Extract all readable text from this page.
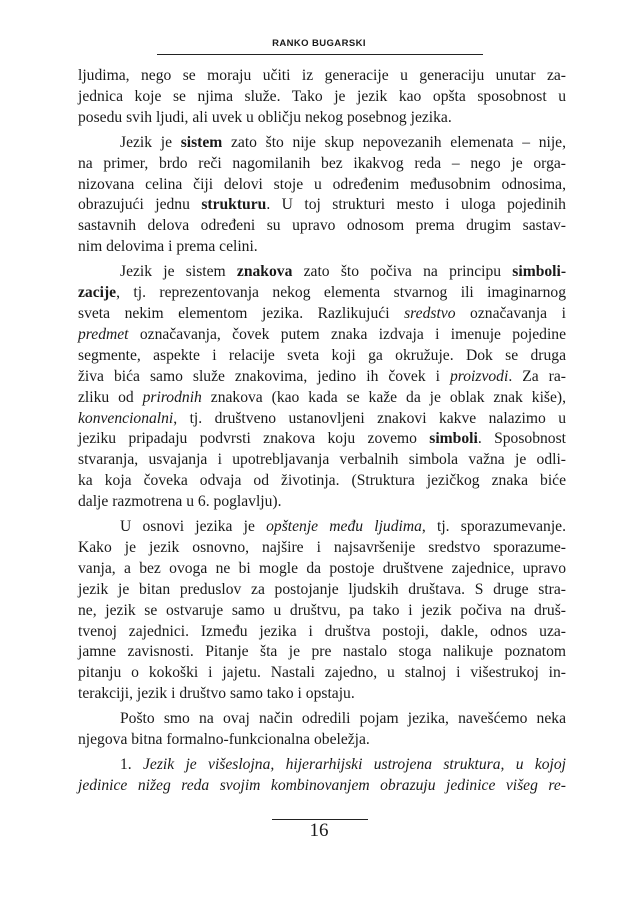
RANKO BUGARSKI

ljudima, nego se moraju učiti iz generacije u generaciju unutar za-
jednica koje se njima služe. Tako je jezik kao opšta sposobnost u
posedu svih ljudi, ali uvek u obličju nekog posebnog jezika.

Jezik je sistem zato što nije skup nepovezanih elemenata – nije,
na primer, brdo reči nagomilanih bez ikakvog reda – nego je orga-
nizovana celina čiji delovi stoje u određenim međusobnim odnosima,
obrazujući jednu strukturu. U toj strukturi mesto i uloga pojedinih
sastavnih delova određeni su upravo odnosom prema drugim sastav-
nim delovima i prema celini.

Jezik je sistem znakova zato što počiva na principu simboli-
zacije, tj. reprezentovanja nekog elementa stvarnog ili imaginarnog
sveta nekim elementom jezika. Razlikujući sredstvo označavanja i
predmet označavanja, čovek putem znaka izdvaja i imenuje pojedine
segmente, aspekte i relacije sveta koji ga okružuje. Dok se druga
živa bića samo služe znakovima, jedino ih čovek i proizvodi. Za ra-
zliku od prirodnih znakova (kao kada se kaže da je oblak znak kiše),
konvencionalni, tj. društveno ustanovljeni znakovi kakve nalazimo u
jeziku pripadaju podvrsti znakova koju zovemo simboli. Sposobnost
stvaranja, usvajanja i upotrebljavanja verbalnih simbola važna je odli-
ka koja čoveka odvaja od životinja. (Struktura jezičkog znaka biće
dalje razmotrena u 6. poglavlju).

U osnovi jezika je opštenje među ljudima, tj. sporazumevanje.
Kako je jezik osnovno, najšire i najsavršenije sredstvo sporazume-
vanja, a bez ovoga ne bi mogle da postoje društvene zajednice, upravo
jezik je bitan preduslov za postojanje ljudskih društava. S druge stra-
ne, jezik se ostvaruje samo u društvu, pa tako i jezik počiva na druš-
tvenoj zajednici. Između jezika i društva postoji, dakle, odnos uza-
jamne zavisnosti. Pitanje šta je pre nastalo stoga nalikuje poznatom
pitanju o kokoški i jajetu. Nastali zajedno, u stalnoj i višestrukoj in-
terakciji, jezik i društvo samo tako i opstaju.

Pošto smo na ovaj način odredili pojam jezika, navešćemo neka
njegova bitna formalno-funkcionalna obeležja.

1. Jezik je višeslojna, hijerarhijski ustrojena struktura, u kojoj
jedinice nižeg reda svojim kombinovanjem obrazuju jedinice višeg re-

16
